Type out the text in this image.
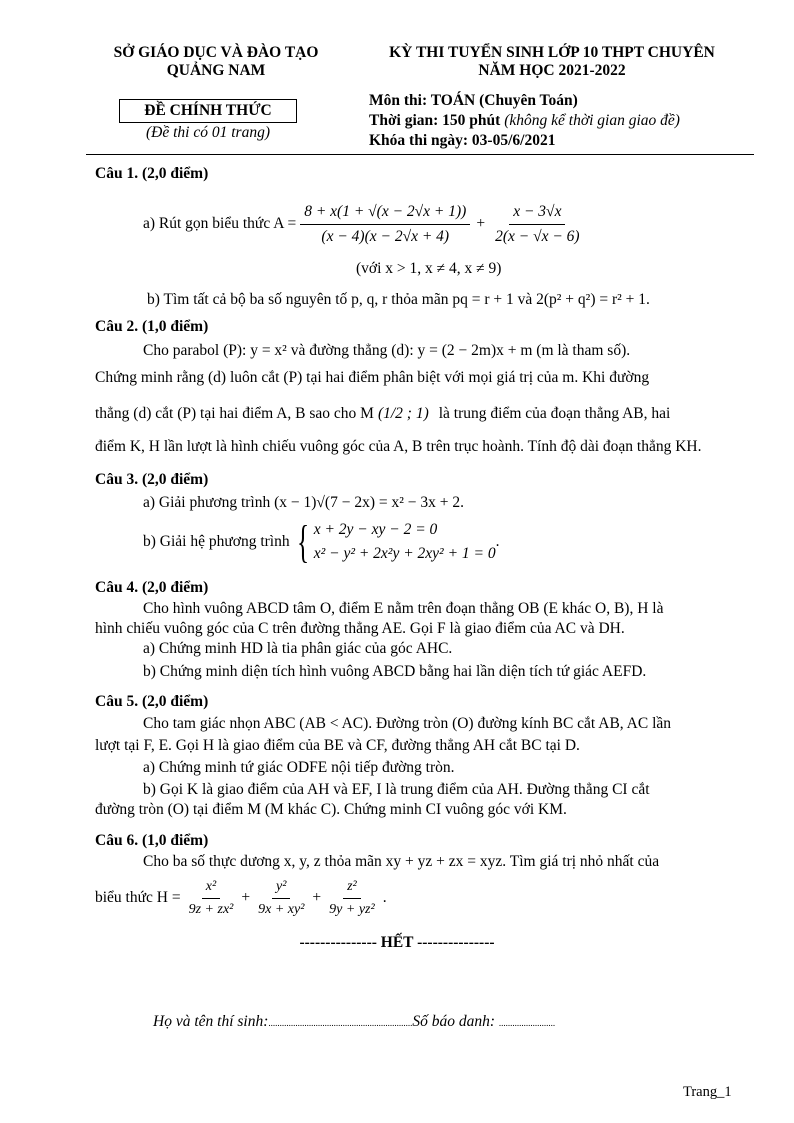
SỞ GIÁO DỤC VÀ ĐÀO TẠO
QUẢNG NAM
KỲ THI TUYỂN SINH LỚP 10 THPT CHUYÊN
NĂM HỌC 2021-2022
ĐỀ CHÍNH THỨC
(Đề thi có 01 trang)
Môn thi: TOÁN (Chuyên Toán)
Thời gian: 150 phút (không kể thời gian giao đề)
Khóa thi ngày: 03-05/6/2021
Câu 1. (2,0 điểm)
a) Rút gọn biểu thức $A = \frac{8 + x(1 + √(x - 2√x + 1))}{(x - 4)(x - 2√x + 4)} + \frac{x - 3√x}{2(x - √x - 6)}$
(với x > 1, x ≠ 4, x ≠ 9)
b) Tìm tất cả bộ ba số nguyên tố p, q, r thỏa mãn pq = r + 1 và 2(p² + q²) = r² + 1.
Câu 2. (1,0 điểm)
Cho parabol (P): y = x² và đường thẳng (d): y = (2 − 2m)x + m (m là tham số).
Chứng minh rằng (d) luôn cắt (P) tại hai điểm phân biệt với mọi giá trị của m. Khi đường
thẳng (d) cắt (P) tại hai điểm A, B sao cho M (1/2 ; 1) là trung điểm của đoạn thẳng AB, hai
điểm K, H lần lượt là hình chiếu vuông góc của A, B trên trục hoành. Tính độ dài đoạn thẳng KH.
Câu 3. (2,0 điểm)
a) Giải phương trình (x − 1)√(7 − 2x) = x² − 3x + 2.
b) Giải hệ phương trình { x + 2y − xy − 2 = 0
x² − y² + 2x²y + 2xy² + 1 = 0
.
Câu 4. (2,0 điểm)
Cho hình vuông ABCD tâm O, điểm E nằm trên đoạn thẳng OB (E khác O, B), H là
hình chiếu vuông góc của C trên đường thẳng AE. Gọi F là giao điểm của AC và DH.
a) Chứng minh HD là tia phân giác của góc AHC.
b) Chứng minh diện tích hình vuông ABCD bằng hai lần diện tích tứ giác AEFD.
Câu 5. (2,0 điểm)
Cho tam giác nhọn ABC (AB < AC). Đường tròn (O) đường kính BC cắt AB, AC lần
lượt tại F, E. Gọi H là giao điểm của BE và CF, đường thẳng AH cắt BC tại D.
a) Chứng minh tứ giác ODFE nội tiếp đường tròn.
b) Gọi K là giao điểm của AH và EF, I là trung điểm của AH. Đường thẳng CI cắt
đường tròn (O) tại điểm M (M khác C). Chứng minh CI vuông góc với KM.
Câu 6. (1,0 điểm)
Cho ba số thực dương x, y, z thỏa mãn xy + yz + zx = xyz. Tìm giá trị nhỏ nhất của
biểu thức $H = \frac{\text{x²}}{\text{9z + zx²}} + \frac{\text{y²}}{\text{9x + xy²}} + \frac{\text{z²}}{\text{9y + yz²}}$ .
--------------- HẾT ---------------
Họ và tên thí sinh:................................................................Số báo danh: .........................
Trang_1
